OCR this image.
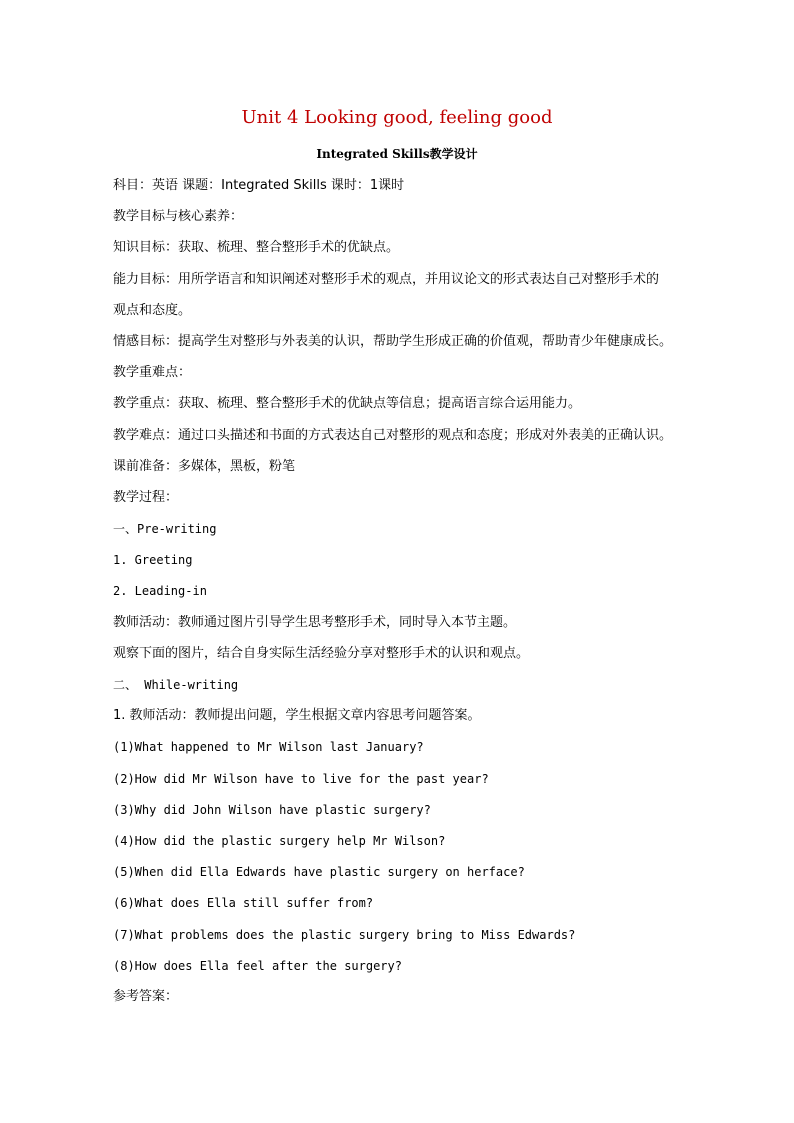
Unit 4 Looking good, feeling good
Integrated Skills教学设计
科目：英语 课题：Integrated Skills 课时：1课时
教学目标与核心素养：
知识目标：获取、梳理、整合整形手术的优缺点。
能力目标：用所学语言和知识阐述对整形手术的观点，并用议论文的形式表达自己对整形手术的
观点和态度。
情感目标：提高学生对整形与外表美的认识，帮助学生形成正确的价值观，帮助青少年健康成长。
教学重难点：
教学重点：获取、梳理、整合整形手术的优缺点等信息；提高语言综合运用能力。
教学难点：通过口头描述和书面的方式表达自己对整形的观点和态度；形成对外表美的正确认识。
课前准备：多媒体，黑板，粉笔
教学过程：
一、Pre-writing
1. Greeting
2. Leading-in
教师活动：教师通过图片引导学生思考整形手术，同时导入本节主题。
观察下面的图片，结合自身实际生活经验分享对整形手术的认识和观点。
二、 While-writing
1. 教师活动：教师提出问题，学生根据文章内容思考问题答案。
(1)What happened to Mr Wilson last January?
(2)How did Mr Wilson have to live for the past year?
(3)Why did John Wilson have plastic surgery?
(4)How did the plastic surgery help Mr Wilson?
(5)When did Ella Edwards have plastic surgery on herface?
(6)What does Ella still suffer from?
(7)What problems does the plastic surgery bring to Miss Edwards?
(8)How does Ella feel after the surgery?
参考答案：
